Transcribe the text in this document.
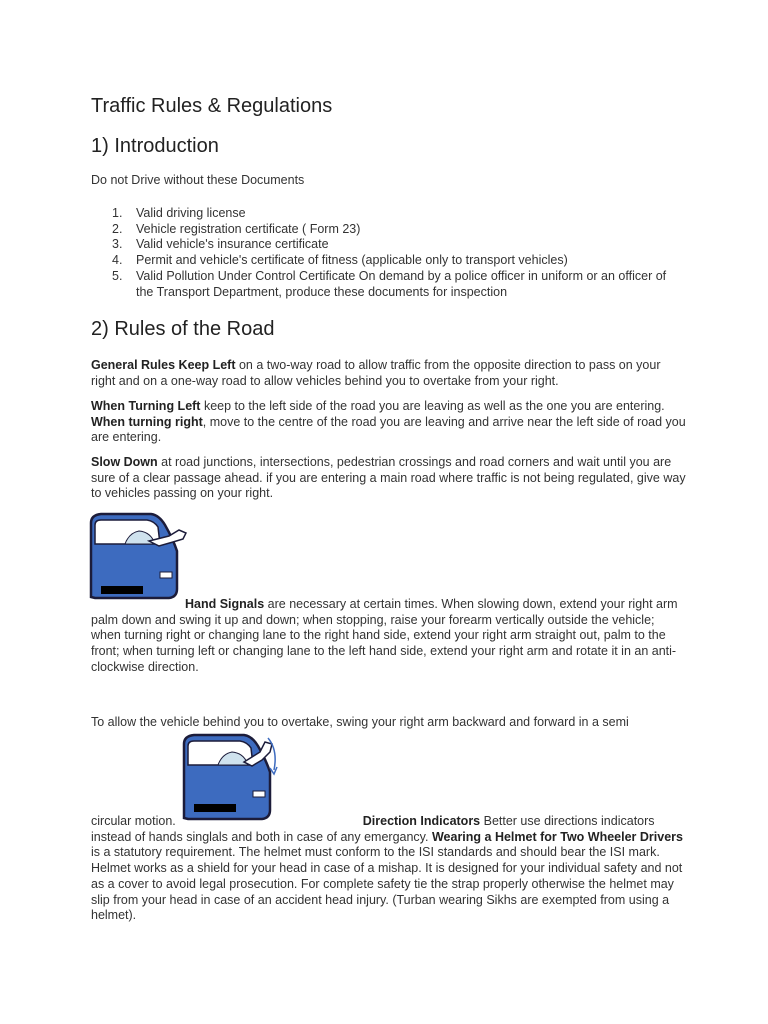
Traffic Rules & Regulations
1) Introduction
Do not Drive without these Documents
1. Valid driving license
2. Vehicle registration certificate ( Form 23)
3. Valid vehicle's insurance certificate
4. Permit and vehicle's certificate of fitness (applicable only to transport vehicles)
5. Valid Pollution Under Control Certificate On demand by a police officer in uniform or an officer of the Transport Department, produce these documents for inspection
2) Rules of the Road

General Rules Keep Left on a two-way road to allow traffic from the opposite direction to pass on your right and on a one-way road to allow vehicles behind you to overtake from your right.

When Turning Left keep to the left side of the road you are leaving as well as the one you are entering. When turning right, move to the centre of the road you are leaving and arrive near the left side of road you are entering.

Slow Down at road junctions, intersections, pedestrian crossings and road corners and wait until you are sure of a clear passage ahead. if you are entering a main road where traffic is not being regulated, give way to vehicles passing on your right.

Hand Signals are necessary at certain times. When slowing down, extend your right arm palm down and swing it up and down; when stopping, raise your forearm vertically outside the vehicle; when turning right or changing lane to the right hand side, extend your right arm straight out, palm to the front; when turning left or changing lane to the left hand side, extend your right arm and rotate it in an anti-clockwise direction.

To allow the vehicle behind you to overtake, swing your right arm backward and forward in a semi

circular motion.	Direction Indicators Better use directions indicators instead of hands singlals and both in case of any emergancy. Wearing a Helmet for Two Wheeler Drivers is a statutory requirement. The helmet must conform to the ISI standards and should bear the ISI mark. Helmet works as a shield for your head in case of a mishap. It is designed for your individual safety and not as a cover to avoid legal prosecution. For complete safety tie the strap properly otherwise the helmet may slip from your head in case of an accident head injury. (Turban wearing Sikhs are exempted from using a helmet).
